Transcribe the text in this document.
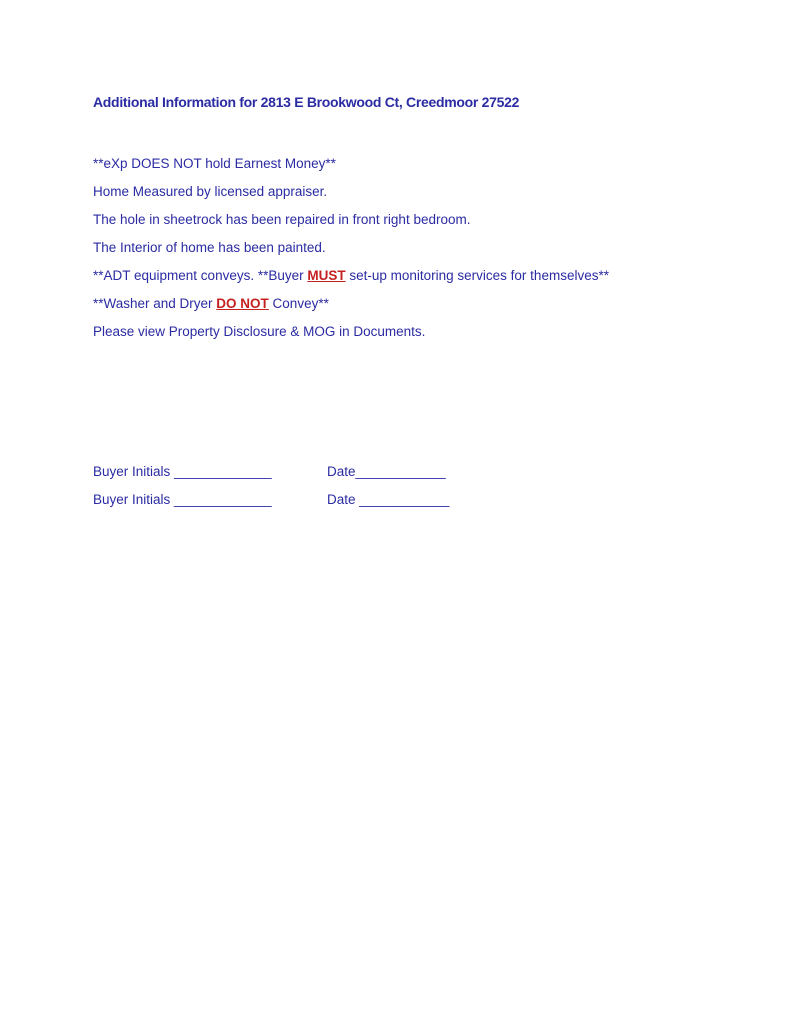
Additional Information for 2813 E Brookwood Ct, Creedmoor 27522

**eXp DOES NOT hold Earnest Money**

Home Measured by licensed appraiser.

The hole in sheetrock has been repaired in front right bedroom.

The Interior of home has been painted.

**ADT equipment conveys. **Buyer MUST set-up monitoring services for themselves**

**Washer and Dryer DO NOT Convey**

Please view Property Disclosure & MOG in Documents.

Buyer Initials _____________	Date____________

Buyer Initials _____________	Date ____________
